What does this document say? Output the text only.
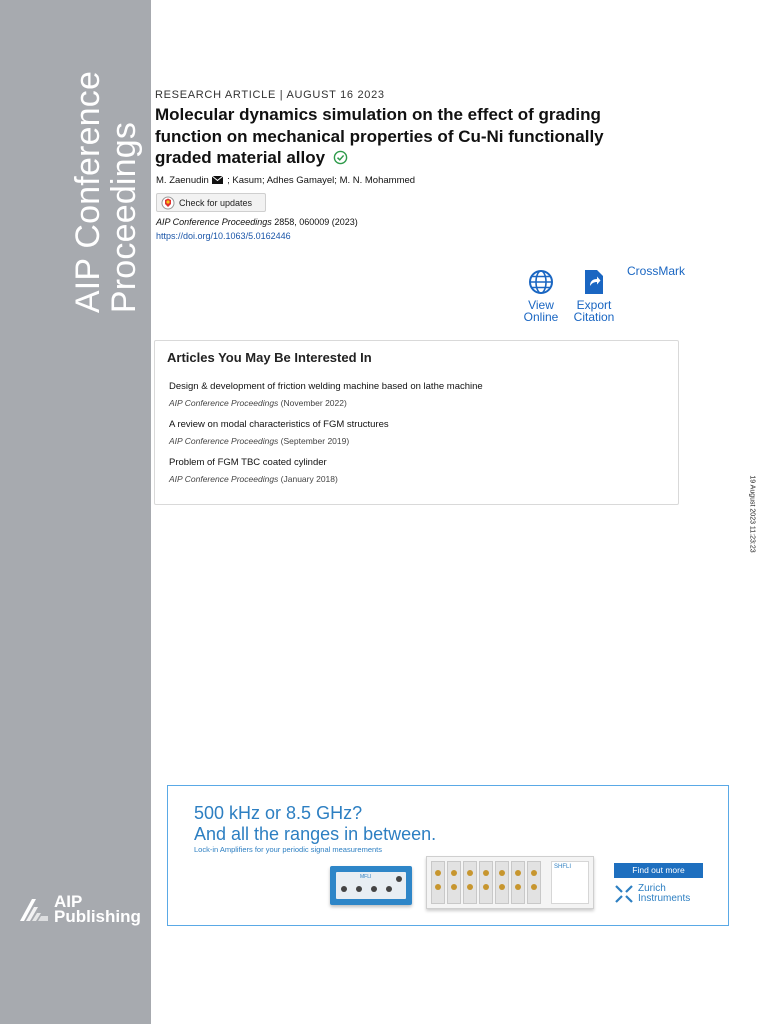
AIP Conference
Proceedings
AIP
Publishing
RESEARCH ARTICLE | AUGUST 16 2023
Molecular dynamics simulation on the effect of grading function on mechanical properties of Cu-Ni functionally graded material alloy
M. Zaenudin ; Kasum; Adhes Gamayel; M. N. Mohammed
Check for updates
AIP Conference Proceedings 2858, 060009 (2023)
https://doi.org/10.1063/5.0162446
CrossMark
View
Online
Export
Citation
Articles You May Be Interested In
Design & development of friction welding machine based on lathe machine
AIP Conference Proceedings (November 2022)
A review on modal characteristics of FGM structures
AIP Conference Proceedings (September 2019)
Problem of FGM TBC coated cylinder
AIP Conference Proceedings (January 2018)	19 August 2023 11:23:23
500 kHz or 8.5 GHz?
And all the ranges in between.
Lock-in Amplifiers for your periodic signal measurements
MFLI
SHFLI	Find out more
Zurich
Instruments
